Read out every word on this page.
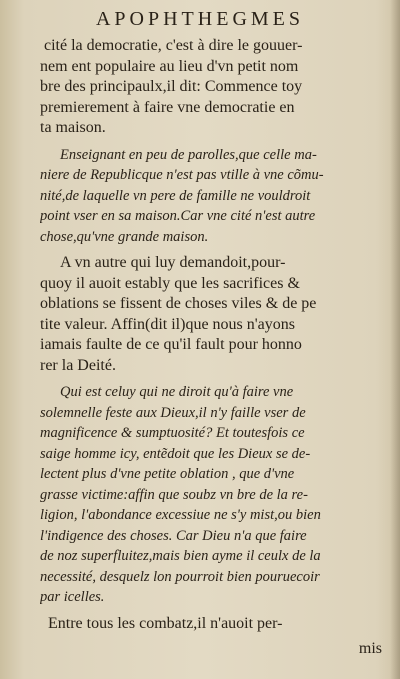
APOPHTHEGMES
cité la democratie, c'est à dire le gouuer-
nem ent populaire au lieu d'vn petit nom
bre des principaulx,il dit: Commence toy
premierement à faire vne democratie en
ta maison.
Enseignant en peu de parolles,que celle ma-
niere de Republicque n'est pas vtille à vne cõmu-
nité,de laquelle vn pere de famille ne vouldroit
point vser en sa maison.Car vne cité n'est autre
chose,qu'vne grande maison.
A vn autre qui luy demandoit,pour-
quoy il auoit estably que les sacrifices &
oblations se fissent de choses viles & de pe
tite valeur. Affin(dit il)que nous n'ayons
iamais faulte de ce qu'il fault pour honno
rer la Deité.
Qui est celuy qui ne diroit qu'à faire vne
solemnelle feste aux Dieux,il n'y faille vser de
magnificence & sumptuosité? Et toutesfois ce
saige homme icy, entẽdoit que les Dieux se de-
lectent plus d'vne petite oblation , que d'vne
grasse victime:affin que soubz vn bre de la re-
ligion, l'abondance excessiue ne s'y mist,ou bien
l'indigence des choses. Car Dieu n'a que faire
de noz superfluitez,mais bien ayme il ceulx de la
necessité, desquelz lon pourroit bien pouruecoir
par icelles.
Entre tous les combatz,il n'auoit per-
mis
